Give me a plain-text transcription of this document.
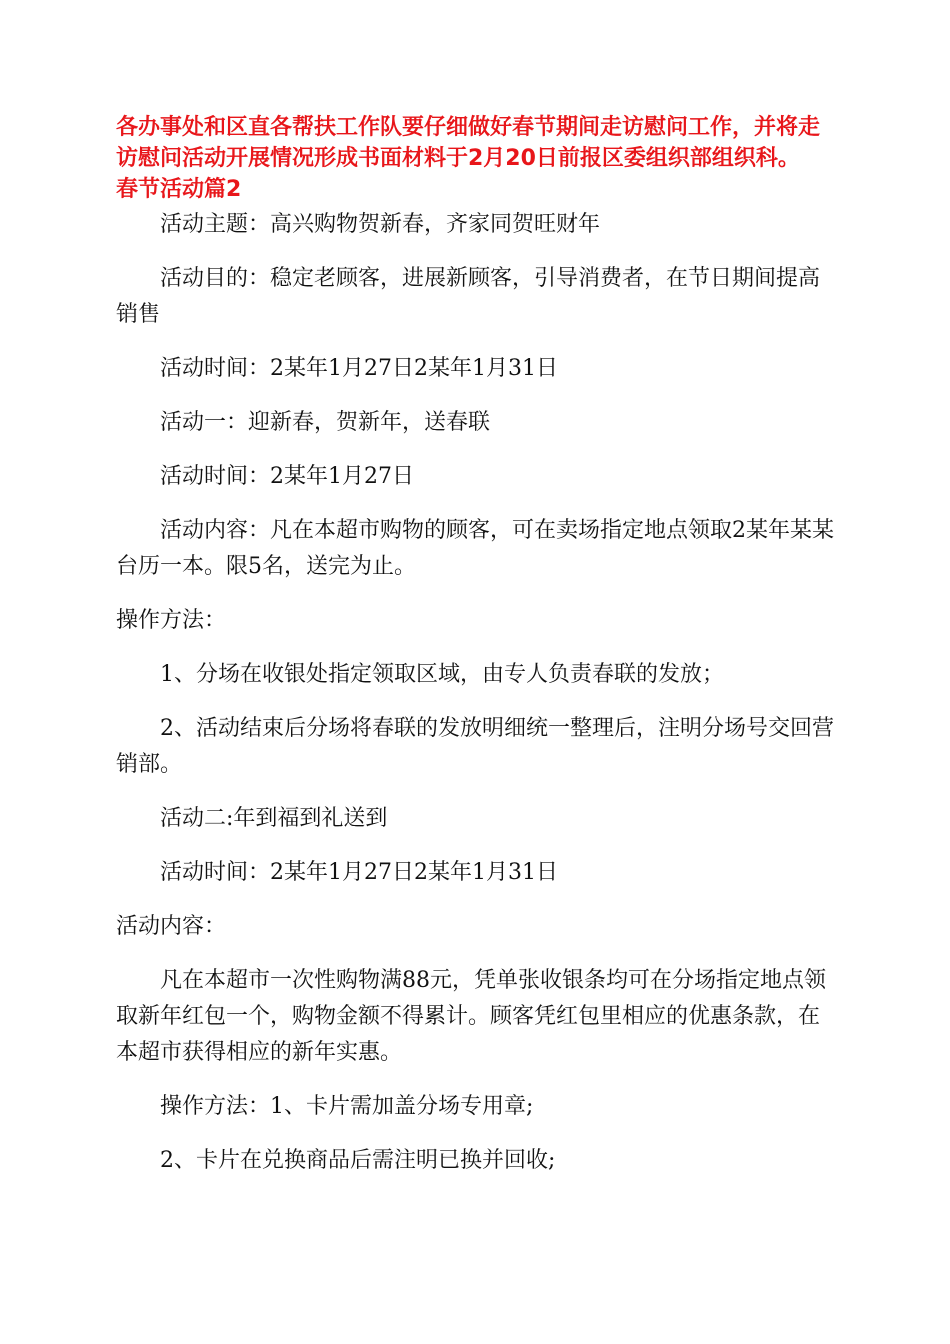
各办事处和区直各帮扶工作队要仔细做好春节期间走访慰问工作，并将走
访慰问活动开展情况形成书面材料于2月20日前报区委组织部组织科。
春节活动篇2

活动主题：高兴购物贺新春，齐家同贺旺财年

活动目的：稳定老顾客，进展新顾客，引导消费者，在节日期间提高销售

活动时间：2某年1月27日2某年1月31日

活动一：迎新春，贺新年，送春联

活动时间：2某年1月27日

活动内容：凡在本超市购物的顾客，可在卖场指定地点领取2某年某某台历一本。限5名，送完为止。

操作方法：

1、分场在收银处指定领取区域，由专人负责春联的发放；

2、活动结束后分场将春联的发放明细统一整理后，注明分场号交回营销部。

活动二:年到福到礼送到

活动时间：2某年1月27日2某年1月31日

活动内容：

凡在本超市一次性购物满88元，凭单张收银条均可在分场指定地点领取新年红包一个，购物金额不得累计。顾客凭红包里相应的优惠条款，在本超市获得相应的新年实惠。

操作方法：1、卡片需加盖分场专用章;

2、卡片在兑换商品后需注明已换并回收;
